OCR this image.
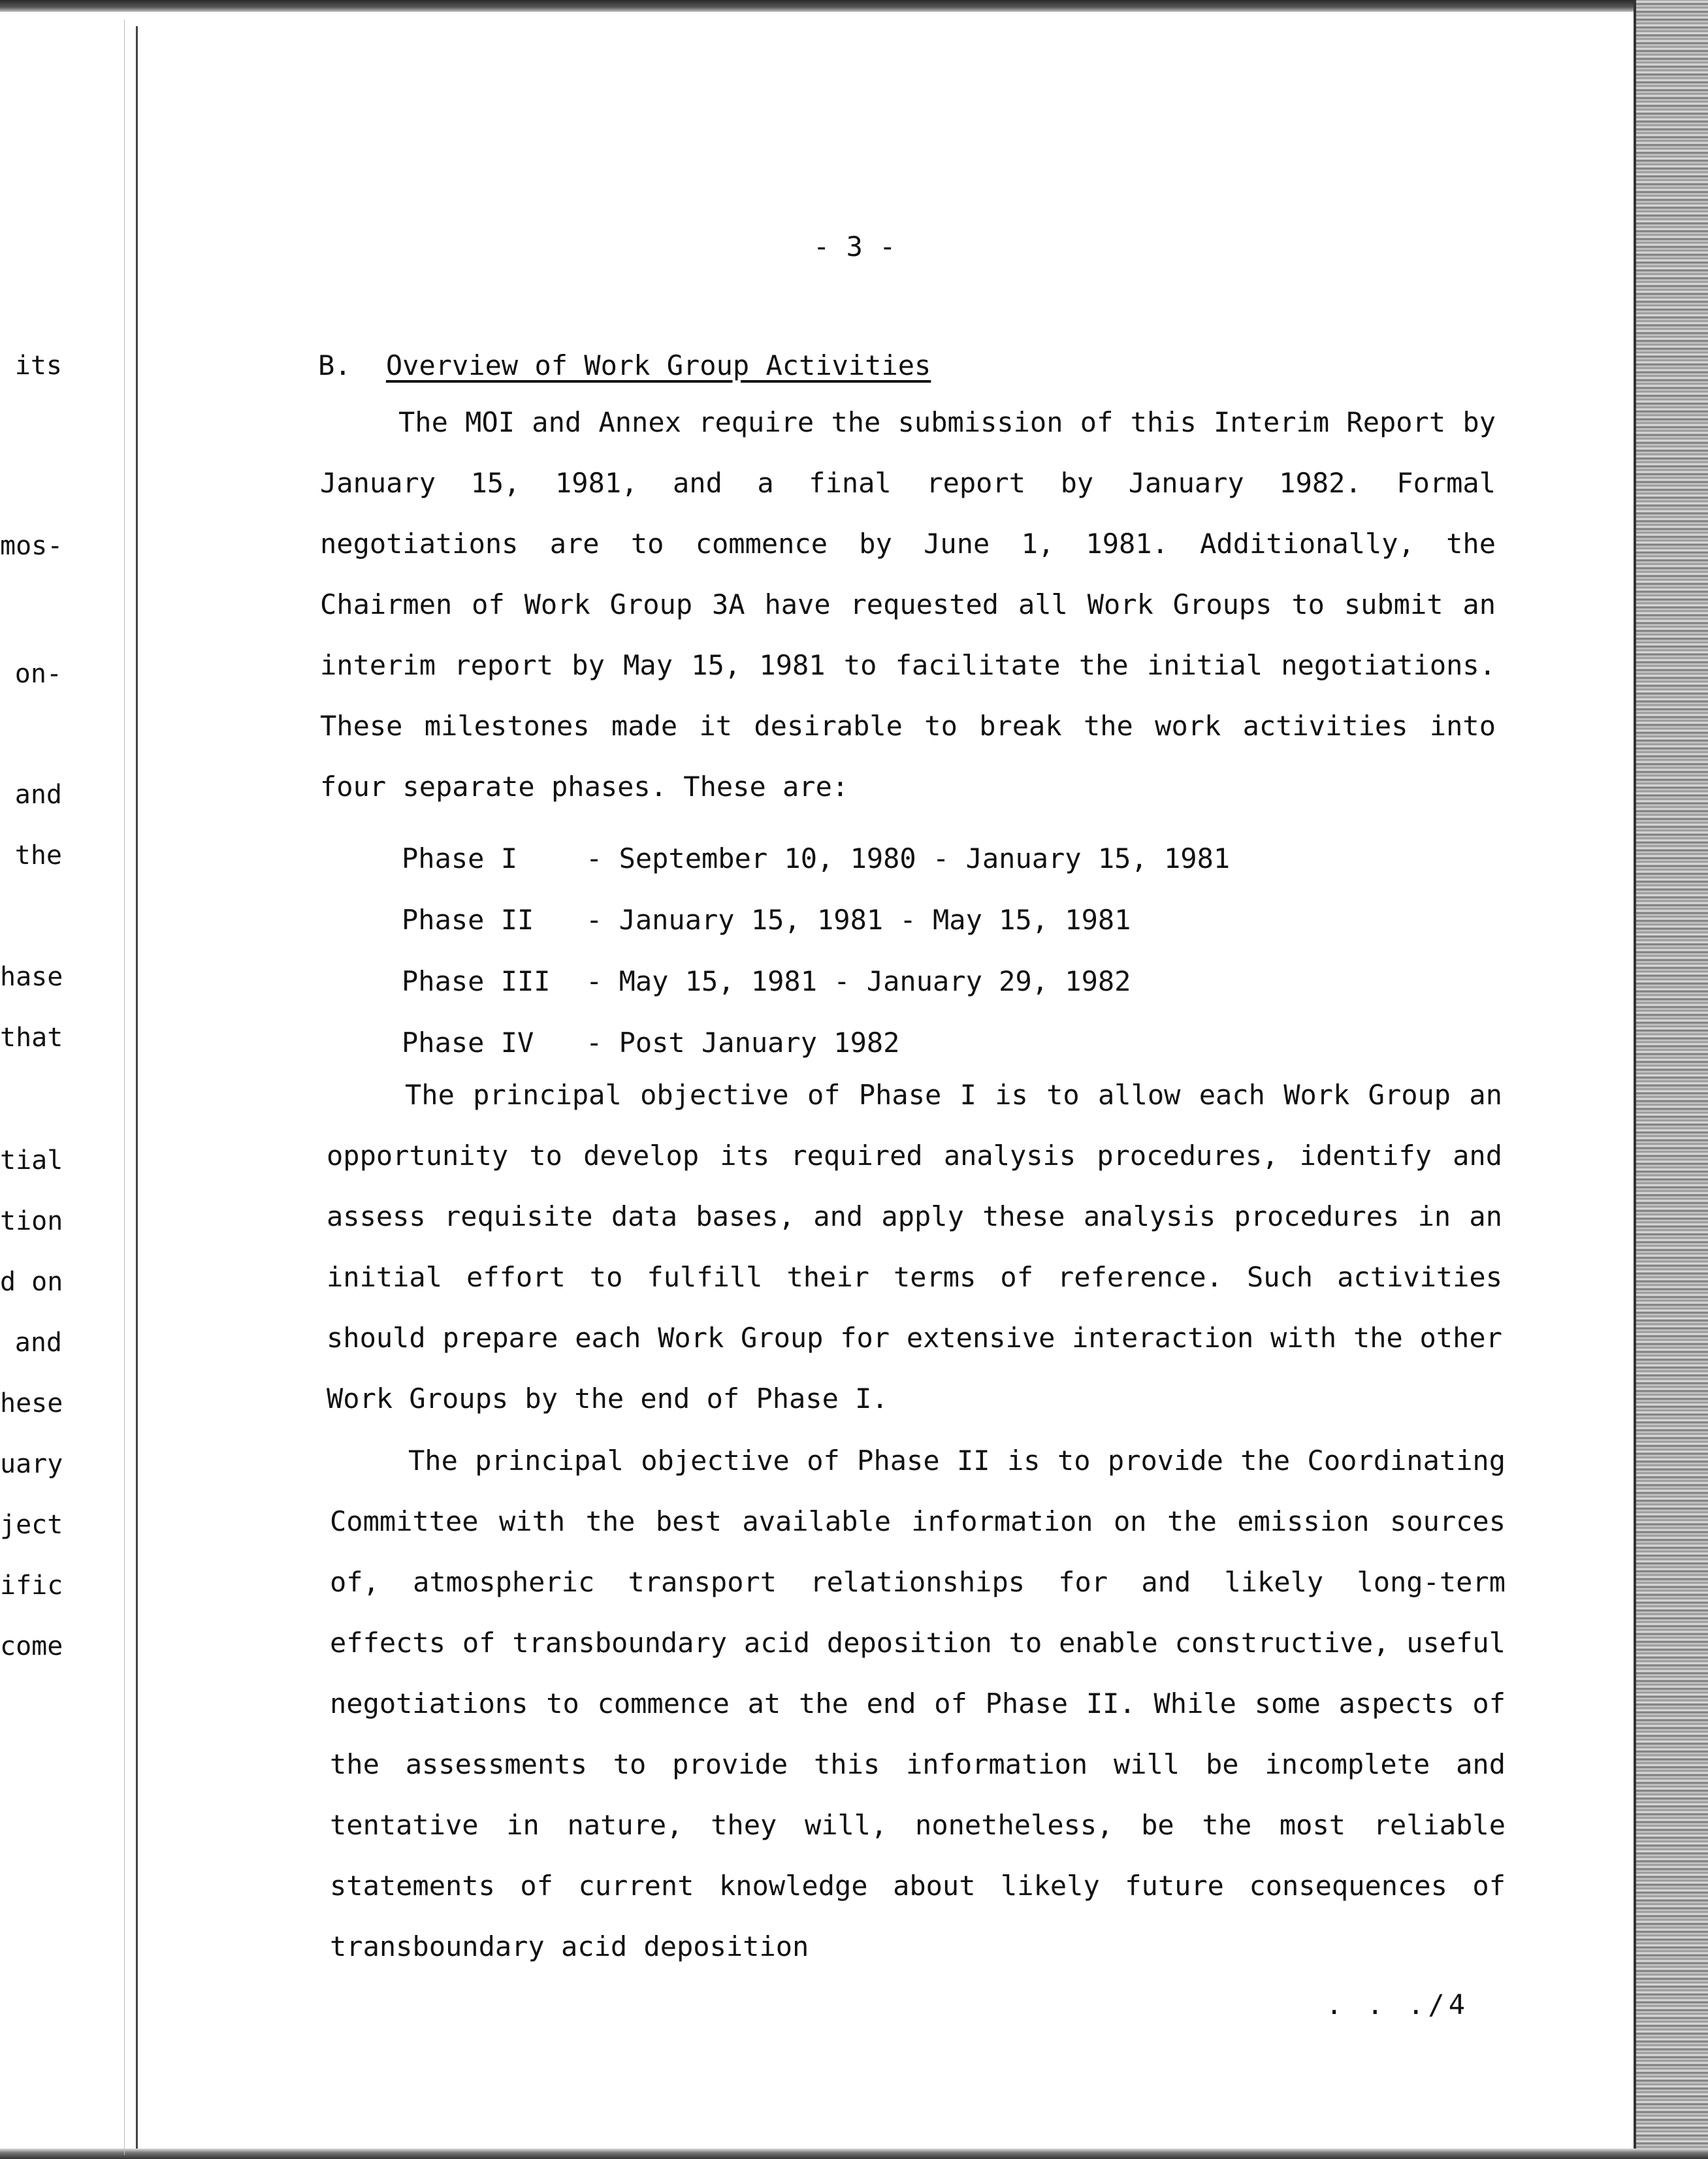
its
mos-
on-
and
the
hase
that
tial
tion
d on
and
hese
uary
ject
ific
come
- 3 -
B. Overview of Work Group Activities

The MOI and Annex require the submission of this Interim Report by January 15, 1981, and a final report by January 1982. Formal negotiations are to commence by June 1, 1981. Additionally, the Chairmen of Work Group 3A have requested all Work Groups to submit an interim report by May 15, 1981 to facilitate the initial negotiations. These milestones made it desirable to break the work activities into four separate phases. These are:

Phase I - September 10, 1980 - January 15, 1981
Phase II - January 15, 1981 - May 15, 1981
Phase III - May 15, 1981 - January 29, 1982
Phase IV - Post January 1982

The principal objective of Phase I is to allow each Work Group an opportunity to develop its required analysis procedures, identify and assess requisite data bases, and apply these analysis procedures in an initial effort to fulfill their terms of reference. Such activities should prepare each Work Group for extensive interaction with the other Work Groups by the end of Phase I.

The principal objective of Phase II is to provide the Coordinating Committee with the best available information on the emission sources of, atmospheric transport relationships for and likely long-term effects of transboundary acid deposition to enable constructive, useful negotiations to commence at the end of Phase II. While some aspects of the assessments to provide this information will be incomplete and tentative in nature, they will, nonetheless, be the most reliable statements of current knowledge about likely future consequences of transboundary acid deposition

. . ./4
